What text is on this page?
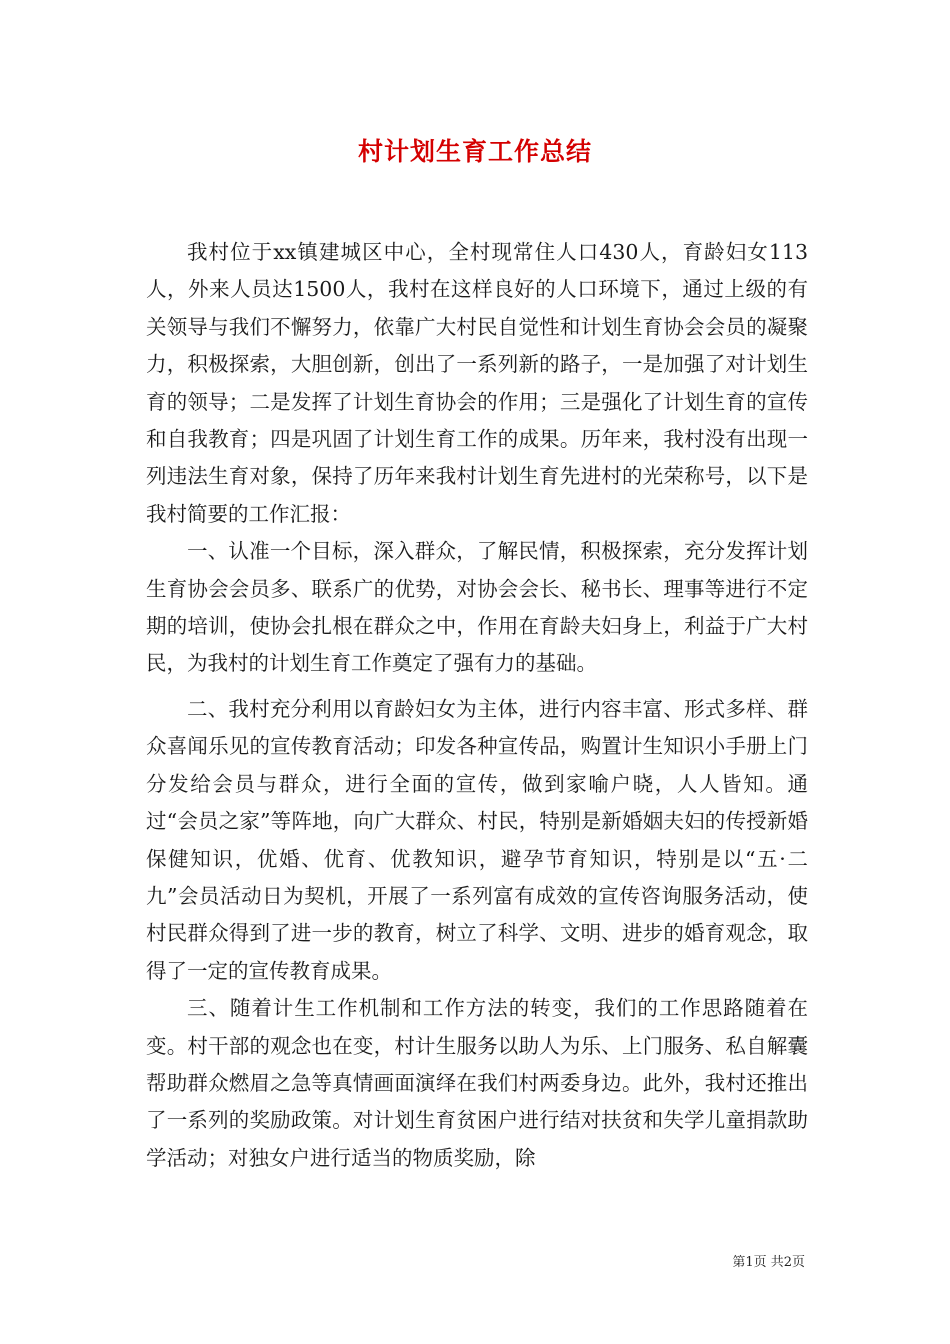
村计划生育工作总结

我村位于xx镇建城区中心，全村现常住人口430人，育龄妇女113人，外来人员达1500人，我村在这样良好的人口环境下，通过上级的有关领导与我们不懈努力，依靠广大村民自觉性和计划生育协会会员的凝聚力，积极探索，大胆创新，创出了一系列新的路子，一是加强了对计划生育的领导；二是发挥了计划生育协会的作用；三是强化了计划生育的宣传和自我教育；四是巩固了计划生育工作的成果。历年来，我村没有出现一列违法生育对象，保持了历年来我村计划生育先进村的光荣称号，以下是我村简要的工作汇报：

一、认准一个目标，深入群众，了解民情，积极探索，充分发挥计划生育协会会员多、联系广的优势，对协会会长、秘书长、理事等进行不定期的培训，使协会扎根在群众之中，作用在育龄夫妇身上，利益于广大村民，为我村的计划生育工作奠定了强有力的基础。

二、我村充分利用以育龄妇女为主体，进行内容丰富、形式多样、群众喜闻乐见的宣传教育活动；印发各种宣传品，购置计生知识小手册上门分发给会员与群众，进行全面的宣传，做到家喻户晓，人人皆知。通过“会员之家”等阵地，向广大群众、村民，特别是新婚姻夫妇的传授新婚保健知识，优婚、优育、优教知识，避孕节育知识，特别是以“五·二九”会员活动日为契机，开展了一系列富有成效的宣传咨询服务活动，使村民群众得到了进一步的教育，树立了科学、文明、进步的婚育观念，取得了一定的宣传教育成果。

三、随着计生工作机制和工作方法的转变，我们的工作思路随着在变。村干部的观念也在变，村计生服务以助人为乐、上门服务、私自解囊帮助群众燃眉之急等真情画面演绎在我们村两委身边。此外，我村还推出了一系列的奖励政策。对计划生育贫困户进行结对扶贫和失学儿童捐款助学活动；对独女户进行适当的物质奖励，除

第1页 共2页
